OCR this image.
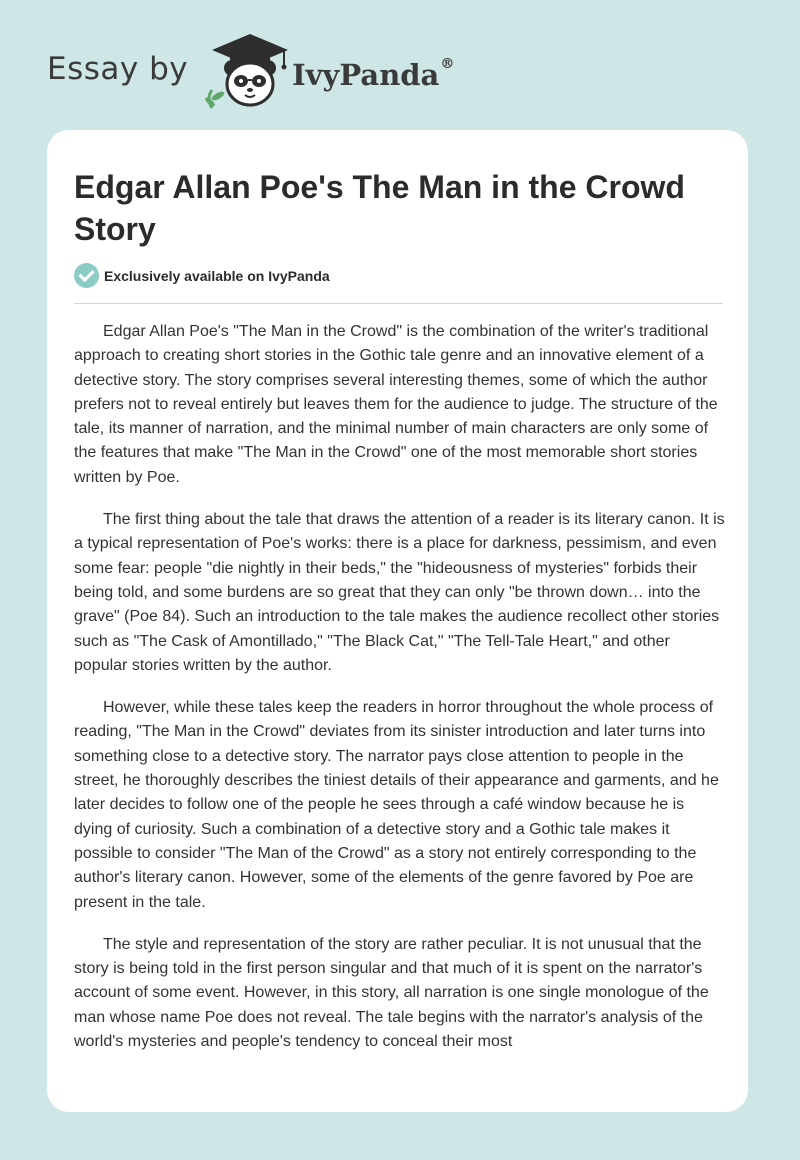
Essay by	IvyPanda®
Edgar Allan Poe's The Man in the Crowd Story
Exclusively available on IvyPanda

Edgar Allan Poe's "The Man in the Crowd" is the combination of the writer's traditional approach to creating short stories in the Gothic tale genre and an innovative element of a detective story. The story comprises several interesting themes, some of which the author prefers not to reveal entirely but leaves them for the audience to judge. The structure of the tale, its manner of narration, and the minimal number of main characters are only some of the features that make "The Man in the Crowd" one of the most memorable short stories written by Poe.

The first thing about the tale that draws the attention of a reader is its literary canon. It is a typical representation of Poe's works: there is a place for darkness, pessimism, and even some fear: people "die nightly in their beds," the "hideousness of mysteries" forbids their being told, and some burdens are so great that they can only "be thrown down… into the grave" (Poe 84). Such an introduction to the tale makes the audience recollect other stories such as "The Cask of Amontillado," "The Black Cat," "The Tell-Tale Heart," and other popular stories written by the author.

However, while these tales keep the readers in horror throughout the whole process of reading, "The Man in the Crowd" deviates from its sinister introduction and later turns into something close to a detective story. The narrator pays close attention to people in the street, he thoroughly describes the tiniest details of their appearance and garments, and he later decides to follow one of the people he sees through a café window because he is dying of curiosity. Such a combination of a detective story and a Gothic tale makes it possible to consider "The Man of the Crowd" as a story not entirely corresponding to the author's literary canon. However, some of the elements of the genre favored by Poe are present in the tale.

The style and representation of the story are rather peculiar. It is not unusual that the story is being told in the first person singular and that much of it is spent on the narrator's account of some event. However, in this story, all narration is one single monologue of the man whose name Poe does not reveal. The tale begins with the narrator's analysis of the world's mysteries and people's tendency to conceal their most
